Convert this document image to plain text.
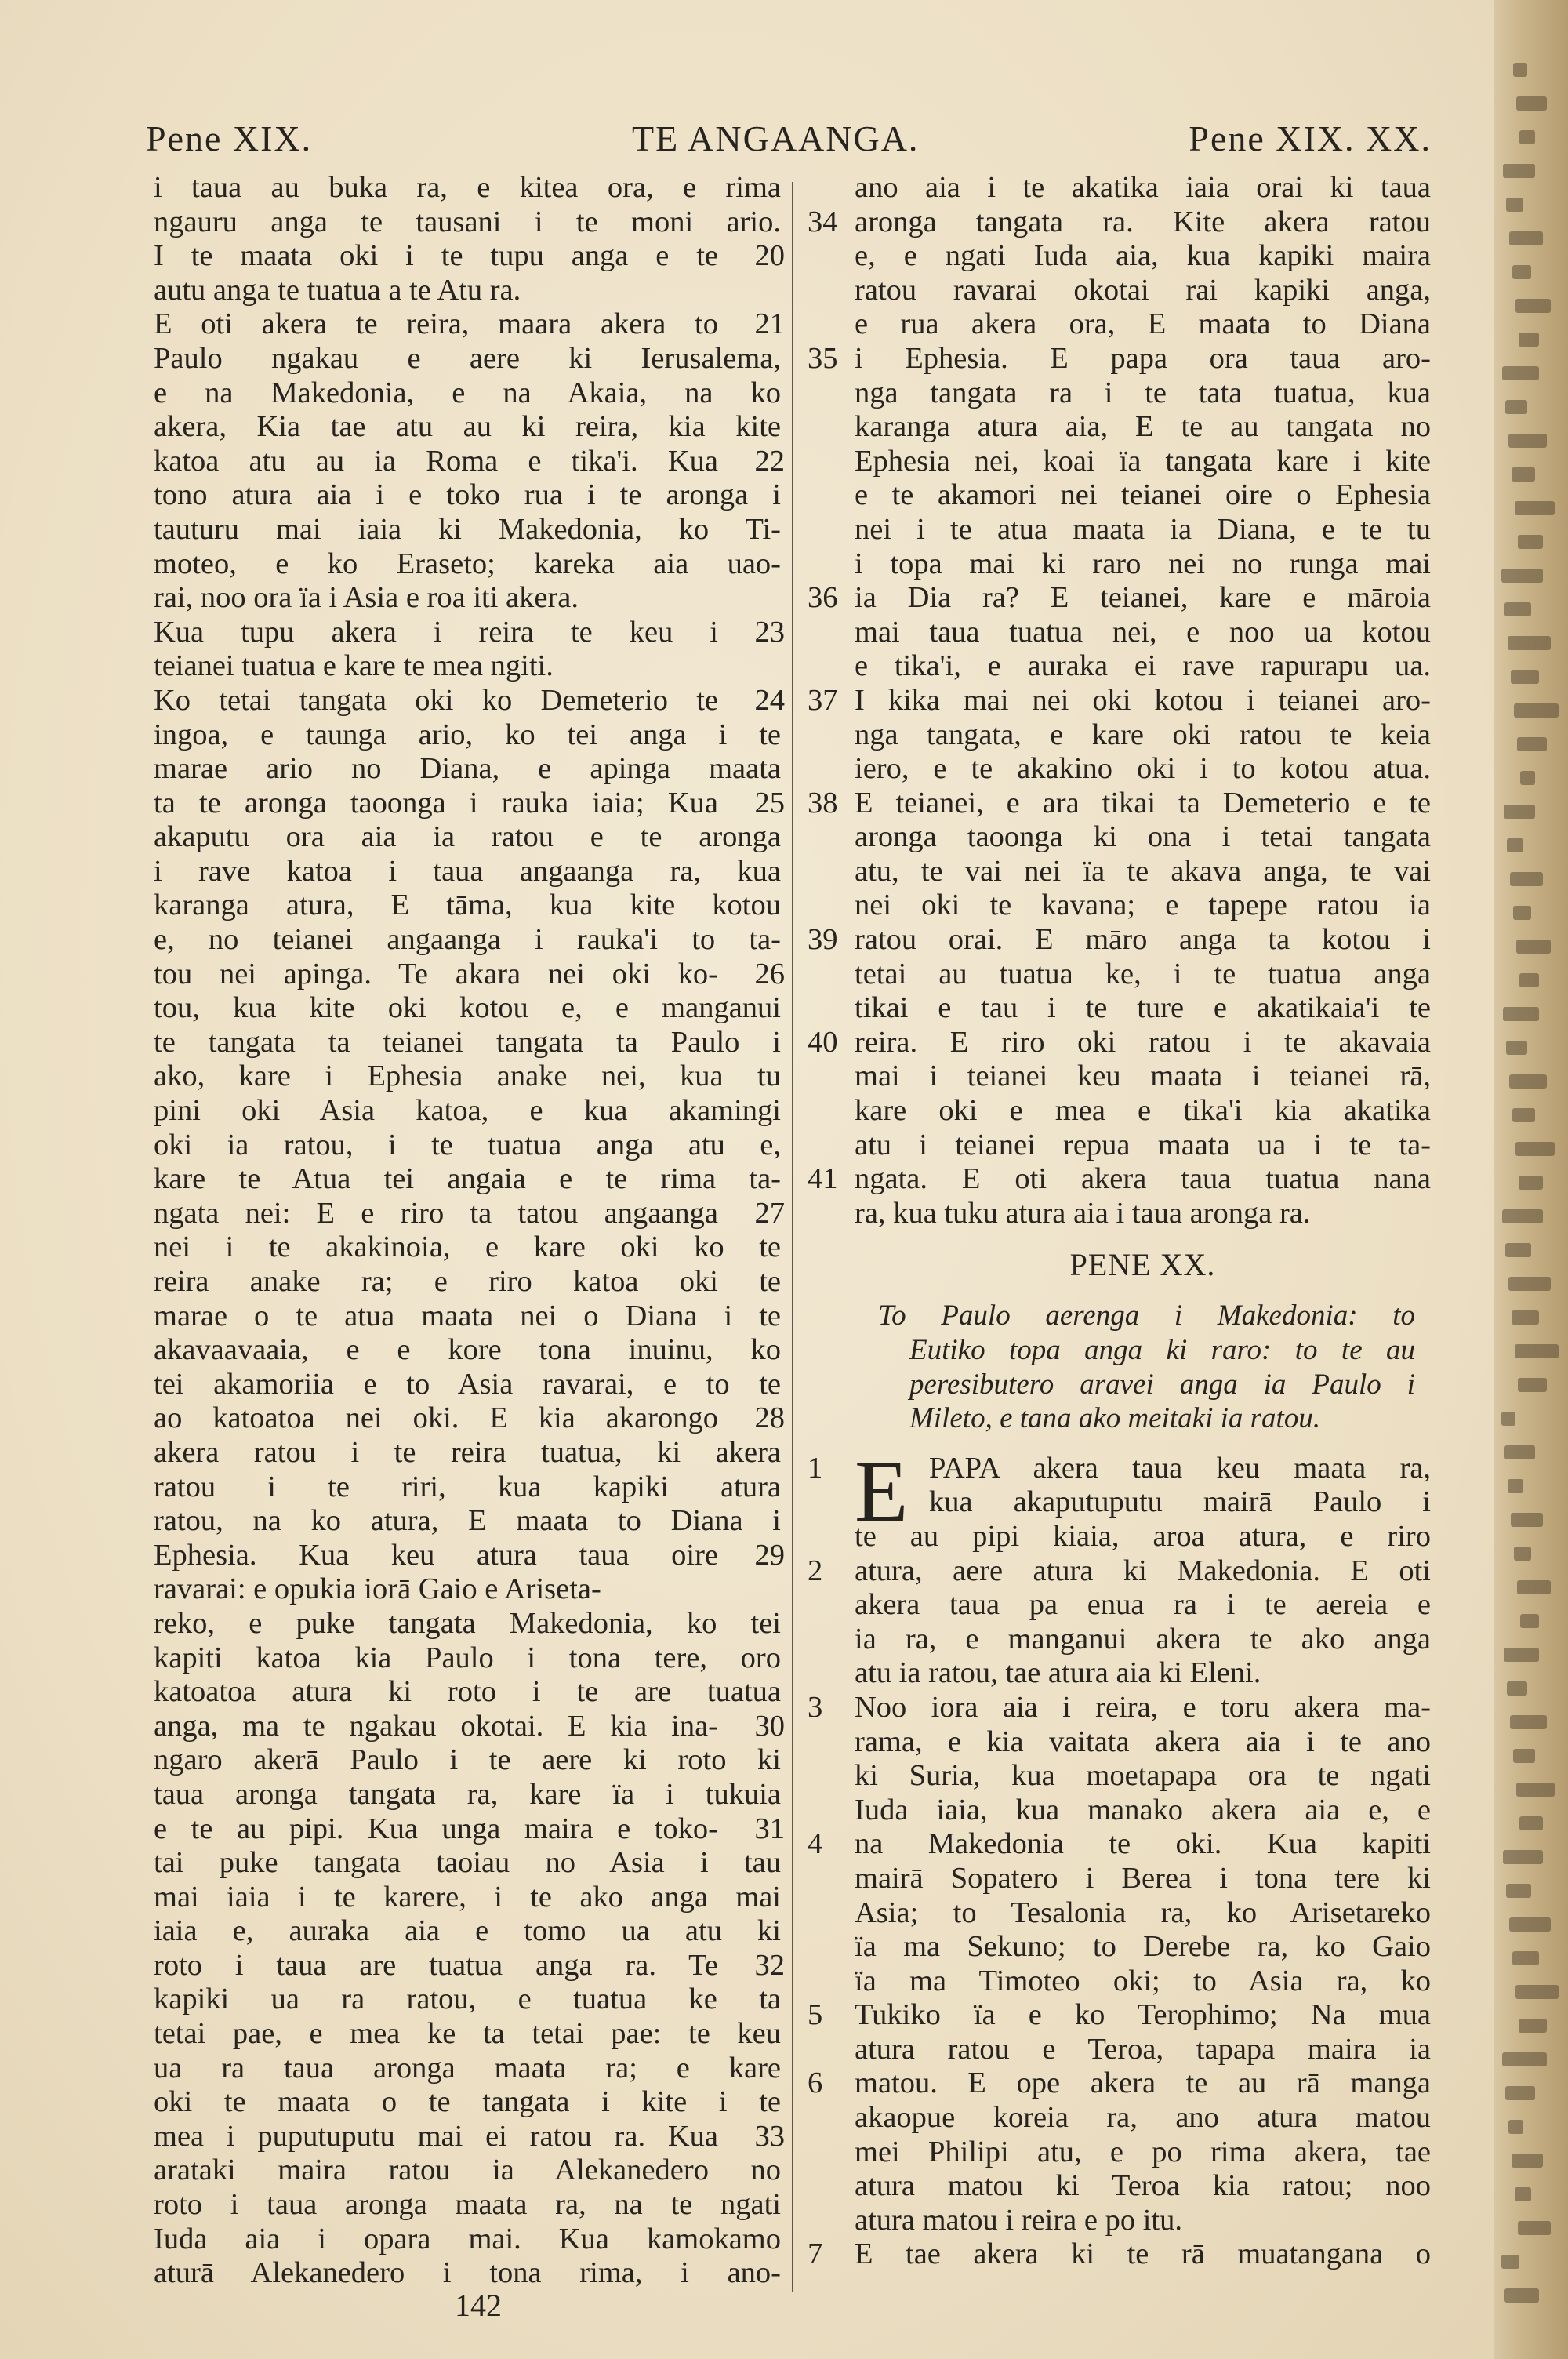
Pene XIX.	TE ANGAANGA.	Pene XIX. XX.
i taua au buka ra, e kitea ora, e rima
ngauru anga te tausani i te moni ario.
I te maata oki i te tupu anga e te 20
autu anga te tuatua a te Atu ra.
E oti akera te reira, maara akera to 21
Paulo ngakau e aere ki Ierusalema,
e na Makedonia, e na Akaia, na ko
akera, Kia tae atu au ki reira, kia kite
katoa atu au ia Roma e tika'i. Kua 22
tono atura aia i e toko rua i te aronga i
tauturu mai iaia ki Makedonia, ko Ti-
moteo, e ko Eraseto; kareka aia uao-
rai, noo ora ïa i Asia e roa iti akera.
Kua tupu akera i reira te keu i 23
teianei tuatua e kare te mea ngiti.
Ko tetai tangata oki ko Demeterio te 24
ingoa, e taunga ario, ko tei anga i te
marae ario no Diana, e apinga maata
ta te aronga taoonga i rauka iaia; Kua 25
akaputu ora aia ia ratou e te aronga
i rave katoa i taua angaanga ra, kua
karanga atura, E tāma, kua kite kotou
e, no teianei angaanga i rauka'i to ta-
tou nei apinga. Te akara nei oki ko- 26
tou, kua kite oki kotou e, e manganui
te tangata ta teianei tangata ta Paulo i
ako, kare i Ephesia anake nei, kua tu
pini oki Asia katoa, e kua akamingi
oki ia ratou, i te tuatua anga atu e,
kare te Atua tei angaia e te rima ta-
ngata nei: E e riro ta tatou angaanga 27
nei i te akakinoia, e kare oki ko te
reira anake ra; e riro katoa oki te
marae o te atua maata nei o Diana i te
akavaavaaia, e e kore tona inuinu, ko
tei akamoriia e to Asia ravarai, e to te
ao katoatoa nei oki. E kia akarongo 28
akera ratou i te reira tuatua, ki akera
ratou i te riri, kua kapiki atura
ratou, na ko atura, E maata to Diana i
Ephesia. Kua keu atura taua oire 29
ravarai: e opukia iorā Gaio e Ariseta-
reko, e puke tangata Makedonia, ko tei
kapiti katoa kia Paulo i tona tere, oro
katoatoa atura ki roto i te are tuatua
anga, ma te ngakau okotai. E kia ina- 30
ngaro akerā Paulo i te aere ki roto ki
taua aronga tangata ra, kare ïa i tukuia
e te au pipi. Kua unga maira e toko- 31
tai puke tangata taoiau no Asia i tau
mai iaia i te karere, i te ako anga mai
iaia e, auraka aia e tomo ua atu ki
roto i taua are tuatua anga ra. Te 32
kapiki ua ra ratou, e tuatua ke ta
tetai pae, e mea ke ta tetai pae: te keu
ua ra taua aronga maata ra; e kare
oki te maata o te tangata i kite i te
mea i puputuputu mai ei ratou ra. Kua 33
arataki maira ratou ia Alekanedero no
roto i taua aronga maata ra, na te ngati
Iuda aia i opara mai. Kua kamokamo
aturā Alekanedero i tona rima, i ano-
ano aia i te akatika iaia orai ki taua
aronga tangata ra. Kite akera ratou
34
e, e ngati Iuda aia, kua kapiki maira
ratou ravarai okotai rai kapiki anga,
e rua akera ora, E maata to Diana
i Ephesia. E papa ora taua aro-
35
nga tangata ra i te tata tuatua, kua
karanga atura aia, E te au tangata no
Ephesia nei, koai ïa tangata kare i kite
e te akamori nei teianei oire o Ephesia
nei i te atua maata ia Diana, e te tu
i topa mai ki raro nei no runga mai
ia Dia ra? E teianei, kare e māroia
36
mai taua tuatua nei, e noo ua kotou
e tika'i, e auraka ei rave rapurapu ua.
I kika mai nei oki kotou i teianei aro-
37
nga tangata, e kare oki ratou te keia
iero, e te akakino oki i to kotou atua.
E teianei, e ara tikai ta Demeterio e te
38
aronga taoonga ki ona i tetai tangata
atu, te vai nei ïa te akava anga, te vai
nei oki te kavana; e tapepe ratou ia
ratou orai. E māro anga ta kotou i
39
tetai au tuatua ke, i te tuatua anga
tikai e tau i te ture e akatikaia'i te
reira. E riro oki ratou i te akavaia
40
mai i teianei keu maata i teianei rā,
kare oki e mea e tika'i kia akatika
atu i teianei repua maata ua i te ta-
ngata. E oti akera taua tuatua nana
41
ra, kua tuku atura aia i taua aronga ra.
PENE XX.
To Paulo aerenga i Makedonia: to
Eutiko topa anga ki raro: to te au
peresibutero aravei anga ia Paulo i
Mileto, e tana ako meitaki ia ratou.
E PAPA akera taua keu maata ra,
1
kua akaputuputu mairā Paulo i
te au pipi kiaia, aroa atura, e riro
atura, aere atura ki Makedonia. E oti
2
akera taua pa enua ra i te aereia e
ia ra, e manganui akera te ako anga
atu ia ratou, tae atura aia ki Eleni.
Noo iora aia i reira, e toru akera ma-
3
rama, e kia vaitata akera aia i te ano
ki Suria, kua moetapapa ora te ngati
Iuda iaia, kua manako akera aia e, e
na Makedonia te oki. Kua kapiti
4
mairā Sopatero i Berea i tona tere ki
Asia; to Tesalonia ra, ko Arisetareko
ïa ma Sekuno; to Derebe ra, ko Gaio
ïa ma Timoteo oki; to Asia ra, ko
Tukiko ïa e ko Terophimo; Na mua
5
atura ratou e Teroa, tapapa maira ia
matou. E ope akera te au rā manga
6
akaopue koreia ra, ano atura matou
mei Philipi atu, e po rima akera, tae
atura matou ki Teroa kia ratou; noo
atura matou i reira e po itu.
E tae akera ki te rā muatangana o
7
142
